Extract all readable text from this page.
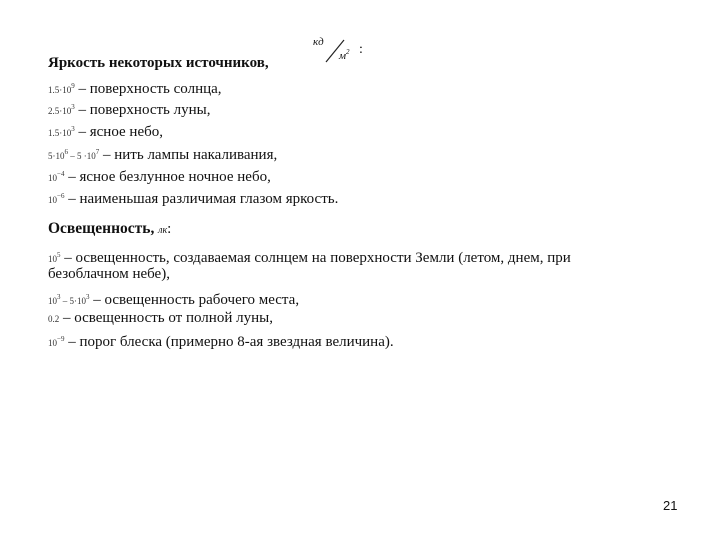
Яркость некоторых источников,
кд
$м^2$ :
$1.5\cdot 10^9$ – поверхность солнца,
$2.5\cdot 10^3$ – поверхность луны,
$1.5\cdot 10^3$ – ясное небо,
$5\cdot 10^6 - 5 \cdot 10^7$ – нить лампы накаливания,
$10^{-4}$ – ясное безлунное ночное небо,
$10^{-6}$ – наименьшая различимая глазом яркость.
Освещенность, лк:
$10^5$ – освещенность, создаваемая солнцем на поверхности Земли (летом, днем, при
безоблачном небе),
$10^3 - 5\cdot 10^3$ – освещенность рабочего места,
0.2 – освещенность от полной луны,
$10^{-9}$ – порог блеска (примерно 8-ая звездная величина).
21
